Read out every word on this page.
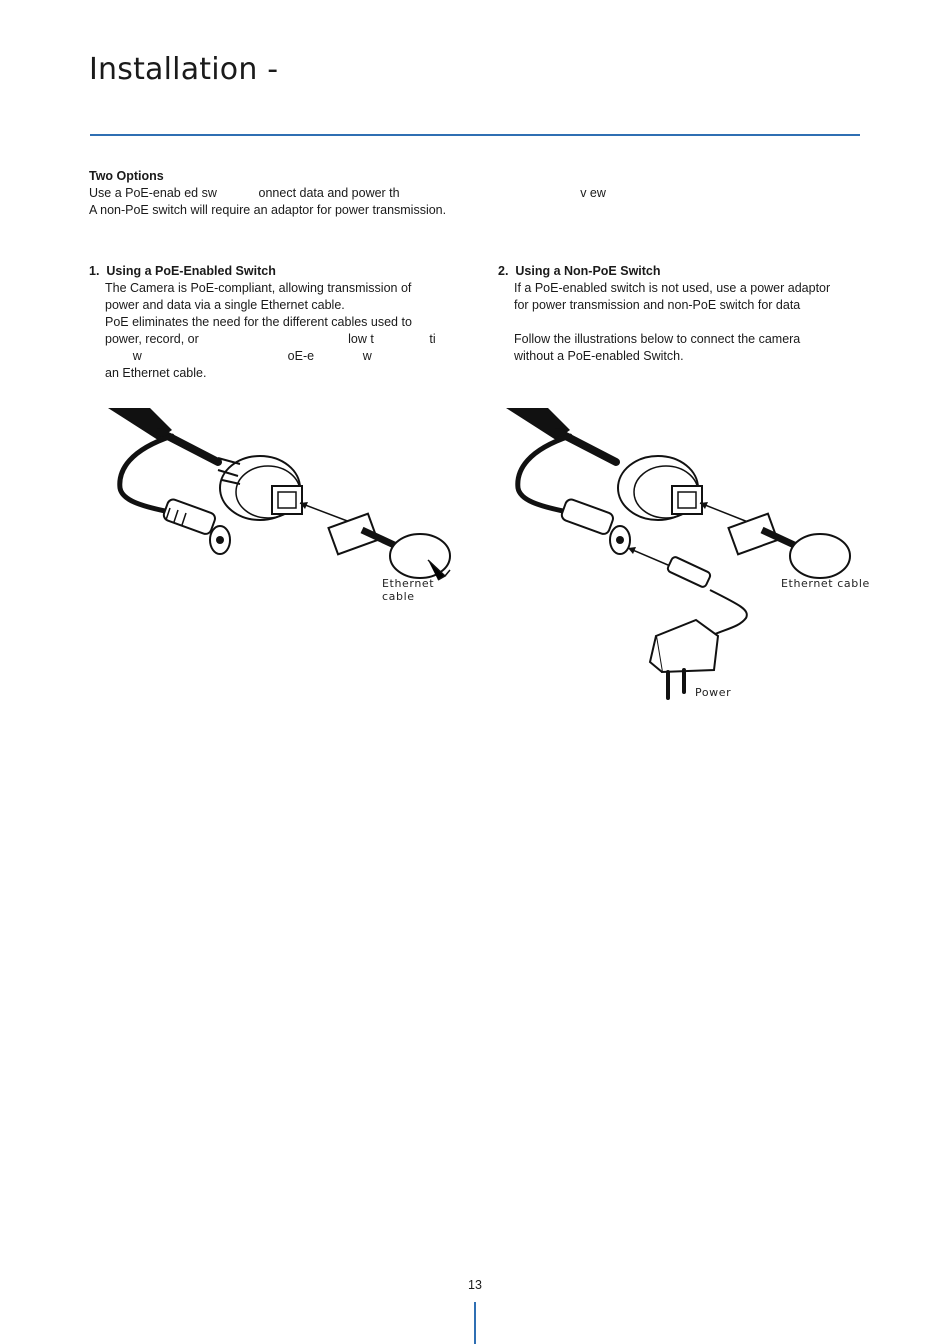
Installation -
Two Options
Use a PoE-enab ed sw            onnect data and power th                                                    v ew
A non-PoE switch will require an adaptor for power transmission.
1.  Using a PoE-Enabled Switch
The Camera is PoE-compliant, allowing transmission of
power and data via a single Ethernet cable.
PoE eliminates the need for the different cables used to
power, record, or                                           low t                ti
w                                          oE-e              w
an Ethernet cable.
2.  Using a Non-PoE Switch
If a PoE-enabled switch is not used, use a power adaptor
for power transmission and non-PoE switch for data

Follow the illustrations below to connect the camera
without a PoE-enabled Switch.
Ethernet cable
Ethernet cable
Power
13
